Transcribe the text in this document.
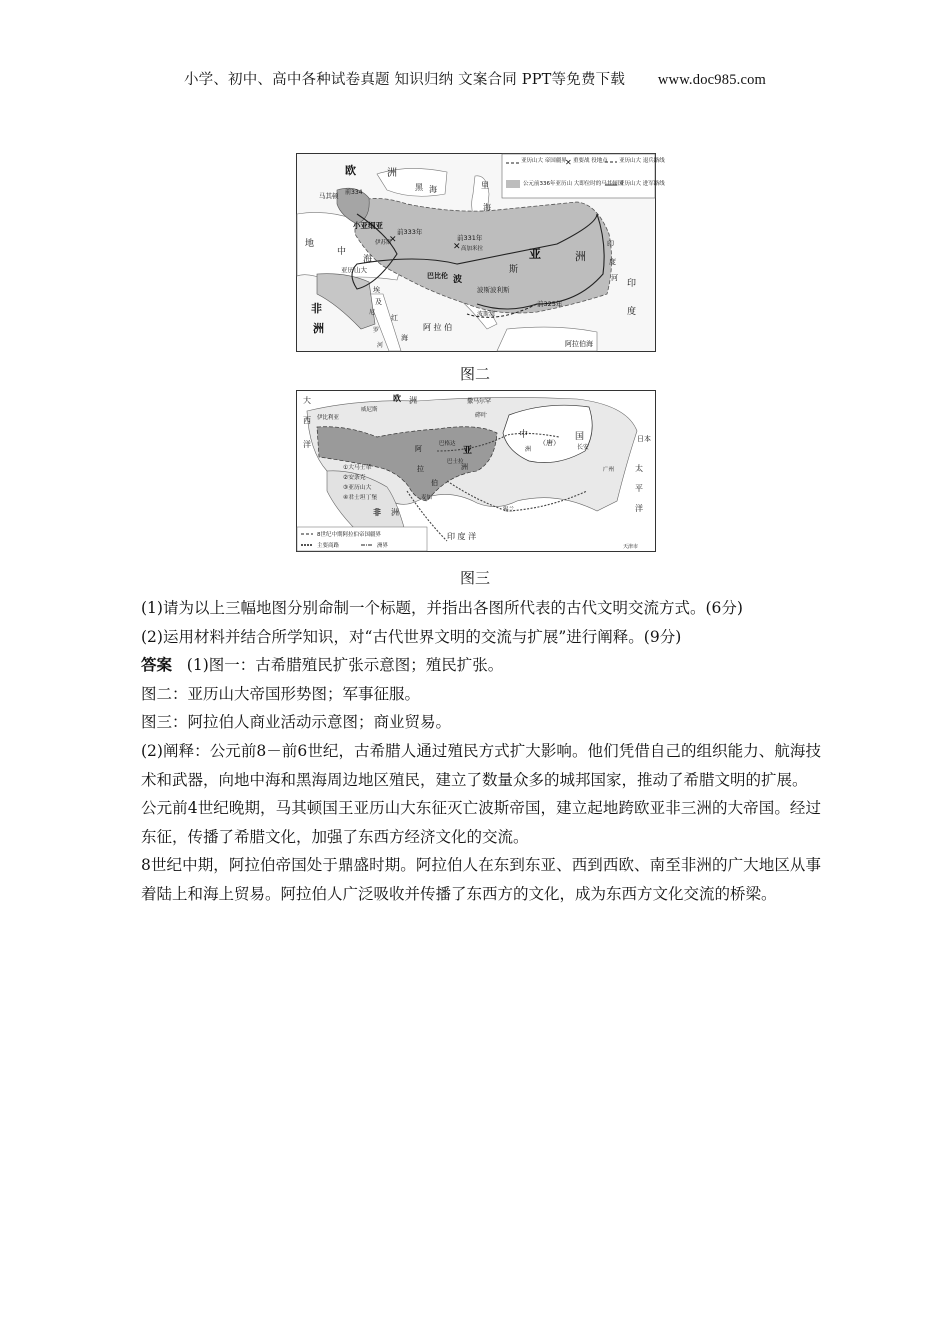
小学、初中、高中各种试卷真题 知识归纳 文案合同 PPT等免费下载 www.doc985.com
✕
✕
亚历山大 帝国疆界
✕ 重要战 役地点 亚历山大 退兵路线
公元前336年亚历山 大即位时的马其顿国
亚历山大 进军路线
欧	洲
黑 海	里
海
马其顿 前334
小亚细亚
地
中
海
前333年
伊苏斯
前331年
高加米拉
亚历山大
埃
及
尼
罗
河
红
海
非
洲	阿 拉 伯
巴比伦 波
斯
亚	洲
波斯波利斯
前325年
印
度
河
印
度
波斯湾
阿拉伯海
图二
大
西
洋
欧 洲
威尼斯
伊比利亚
撒马尔罕
碎叶
中	国
（唐）
洲	长安
亚
洲
巴格达
巴士拉
阿
拉
伯
麦加
非 洲
印 度 洋
日本
太
平
洋
广州
锡兰
①大马士革
②安条克
③亚历山大
④君士坦丁堡
8世纪中期阿拉伯帝国疆界
主要商路	洲界	天津市
图三

(1)请为以上三幅地图分别命制一个标题，并指出各图所代表的古代文明交流方式。(6分)

(2)运用材料并结合所学知识，对“古代世界文明的交流与扩展”进行阐释。(9分)

答案 (1)图一：古希腊殖民扩张示意图；殖民扩张。

图二：亚历山大帝国形势图；军事征服。

图三：阿拉伯人商业活动示意图；商业贸易。

(2)阐释：公元前8－前6世纪，古希腊人通过殖民方式扩大影响。他们凭借自己的组织能力、航海技术和武器，向地中海和黑海周边地区殖民，建立了数量众多的城邦国家，推动了希腊文明的扩展。

公元前4世纪晚期，马其顿国王亚历山大东征灭亡波斯帝国，建立起地跨欧亚非三洲的大帝国。经过东征，传播了希腊文化，加强了东西方经济文化的交流。

8世纪中期，阿拉伯帝国处于鼎盛时期。阿拉伯人在东到东亚、西到西欧、南至非洲的广大地区从事着陆上和海上贸易。阿拉伯人广泛吸收并传播了东西方的文化，成为东西方文化交流的桥梁。
